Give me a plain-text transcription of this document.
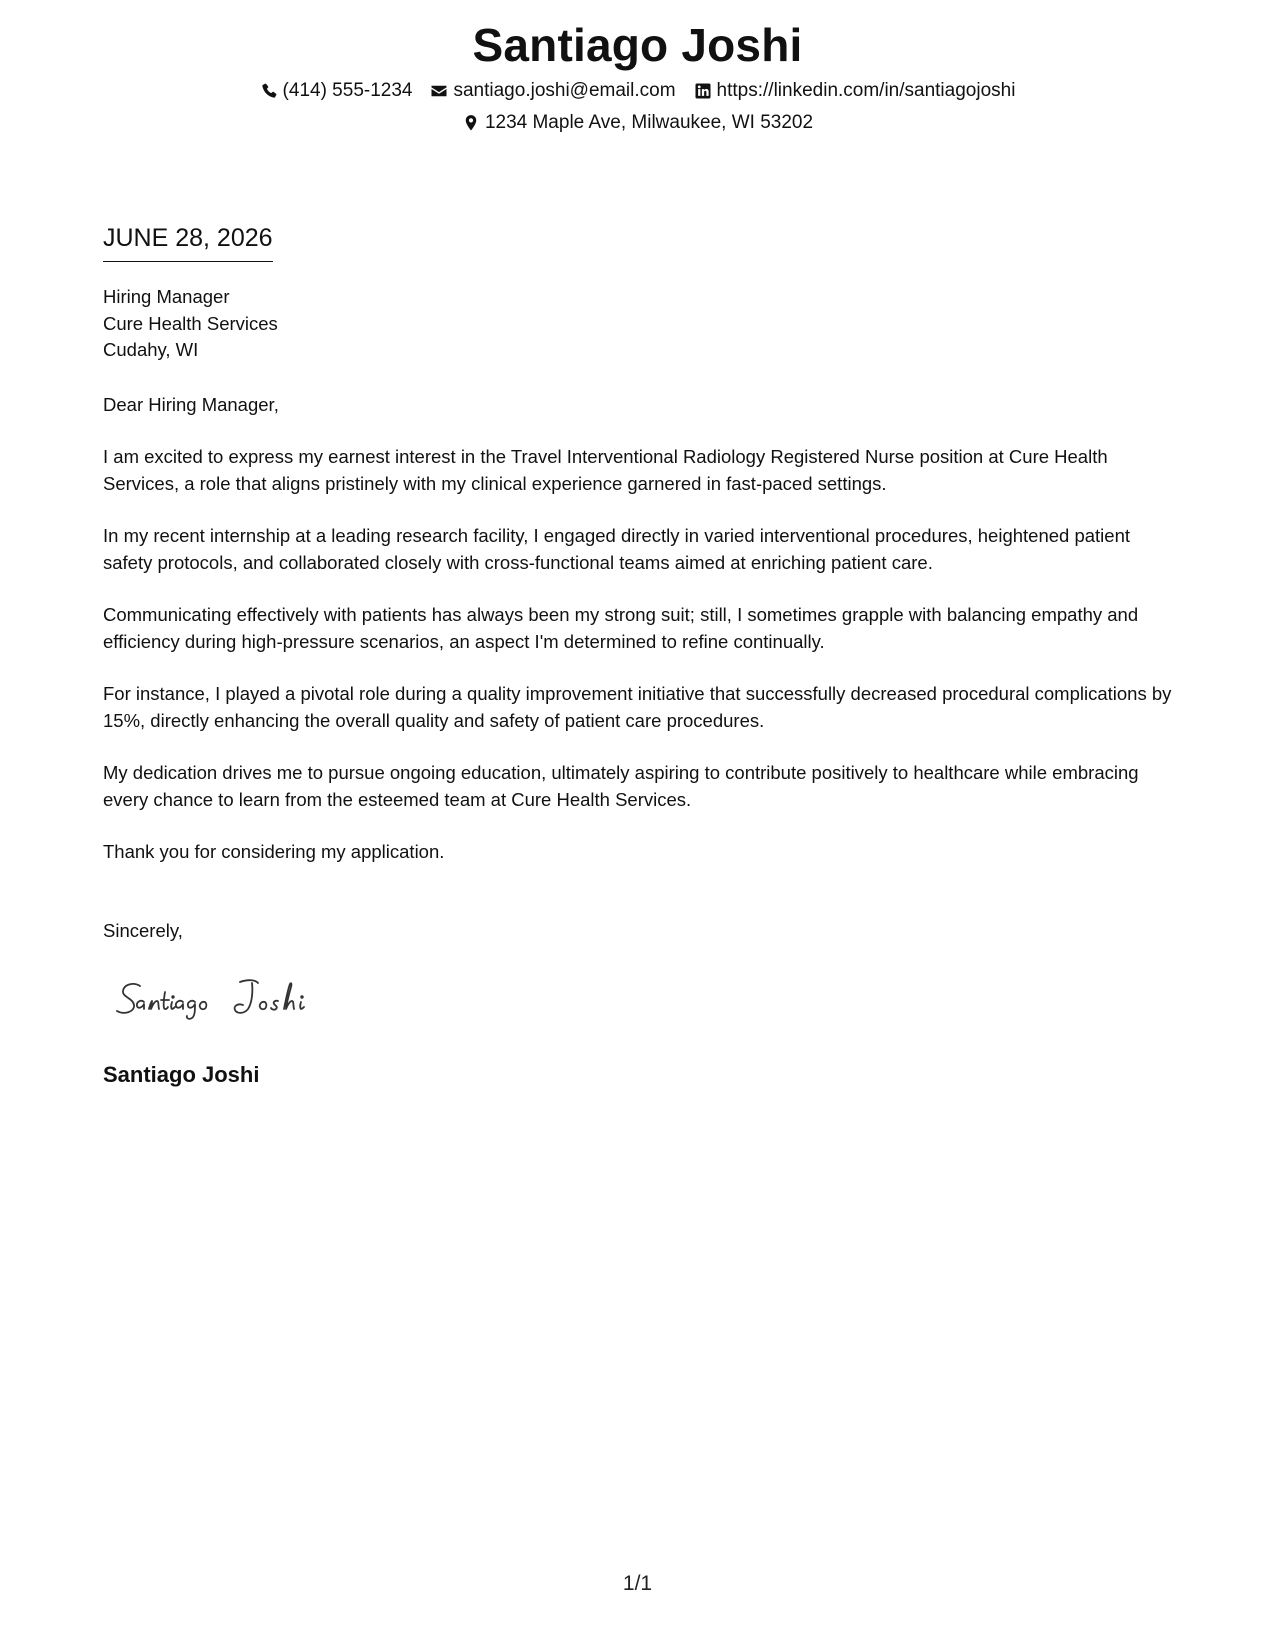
Santiago Joshi
(414) 555-1234 santiago.joshi@email.com https://linkedin.com/in/santiagojoshi
1234 Maple Ave, Milwaukee, WI 53202
JUNE 28, 2026
Hiring Manager
Cure Health Services
Cudahy, WI

Dear Hiring Manager,

I am excited to express my earnest interest in the Travel Interventional Radiology Registered Nurse position at Cure Health Services, a role that aligns pristinely with my clinical experience garnered in fast-paced settings.

In my recent internship at a leading research facility, I engaged directly in varied interventional procedures, heightened patient safety protocols, and collaborated closely with cross-functional teams aimed at enriching patient care.

Communicating effectively with patients has always been my strong suit; still, I sometimes grapple with balancing empathy and efficiency during high-pressure scenarios, an aspect I'm determined to refine continually.

For instance, I played a pivotal role during a quality improvement initiative that successfully decreased procedural complications by 15%, directly enhancing the overall quality and safety of patient care procedures.

My dedication drives me to pursue ongoing education, ultimately aspiring to contribute positively to healthcare while embracing every chance to learn from the esteemed team at Cure Health Services.

Thank you for considering my application.

Sincerely,

Santiago Joshi
1/1
